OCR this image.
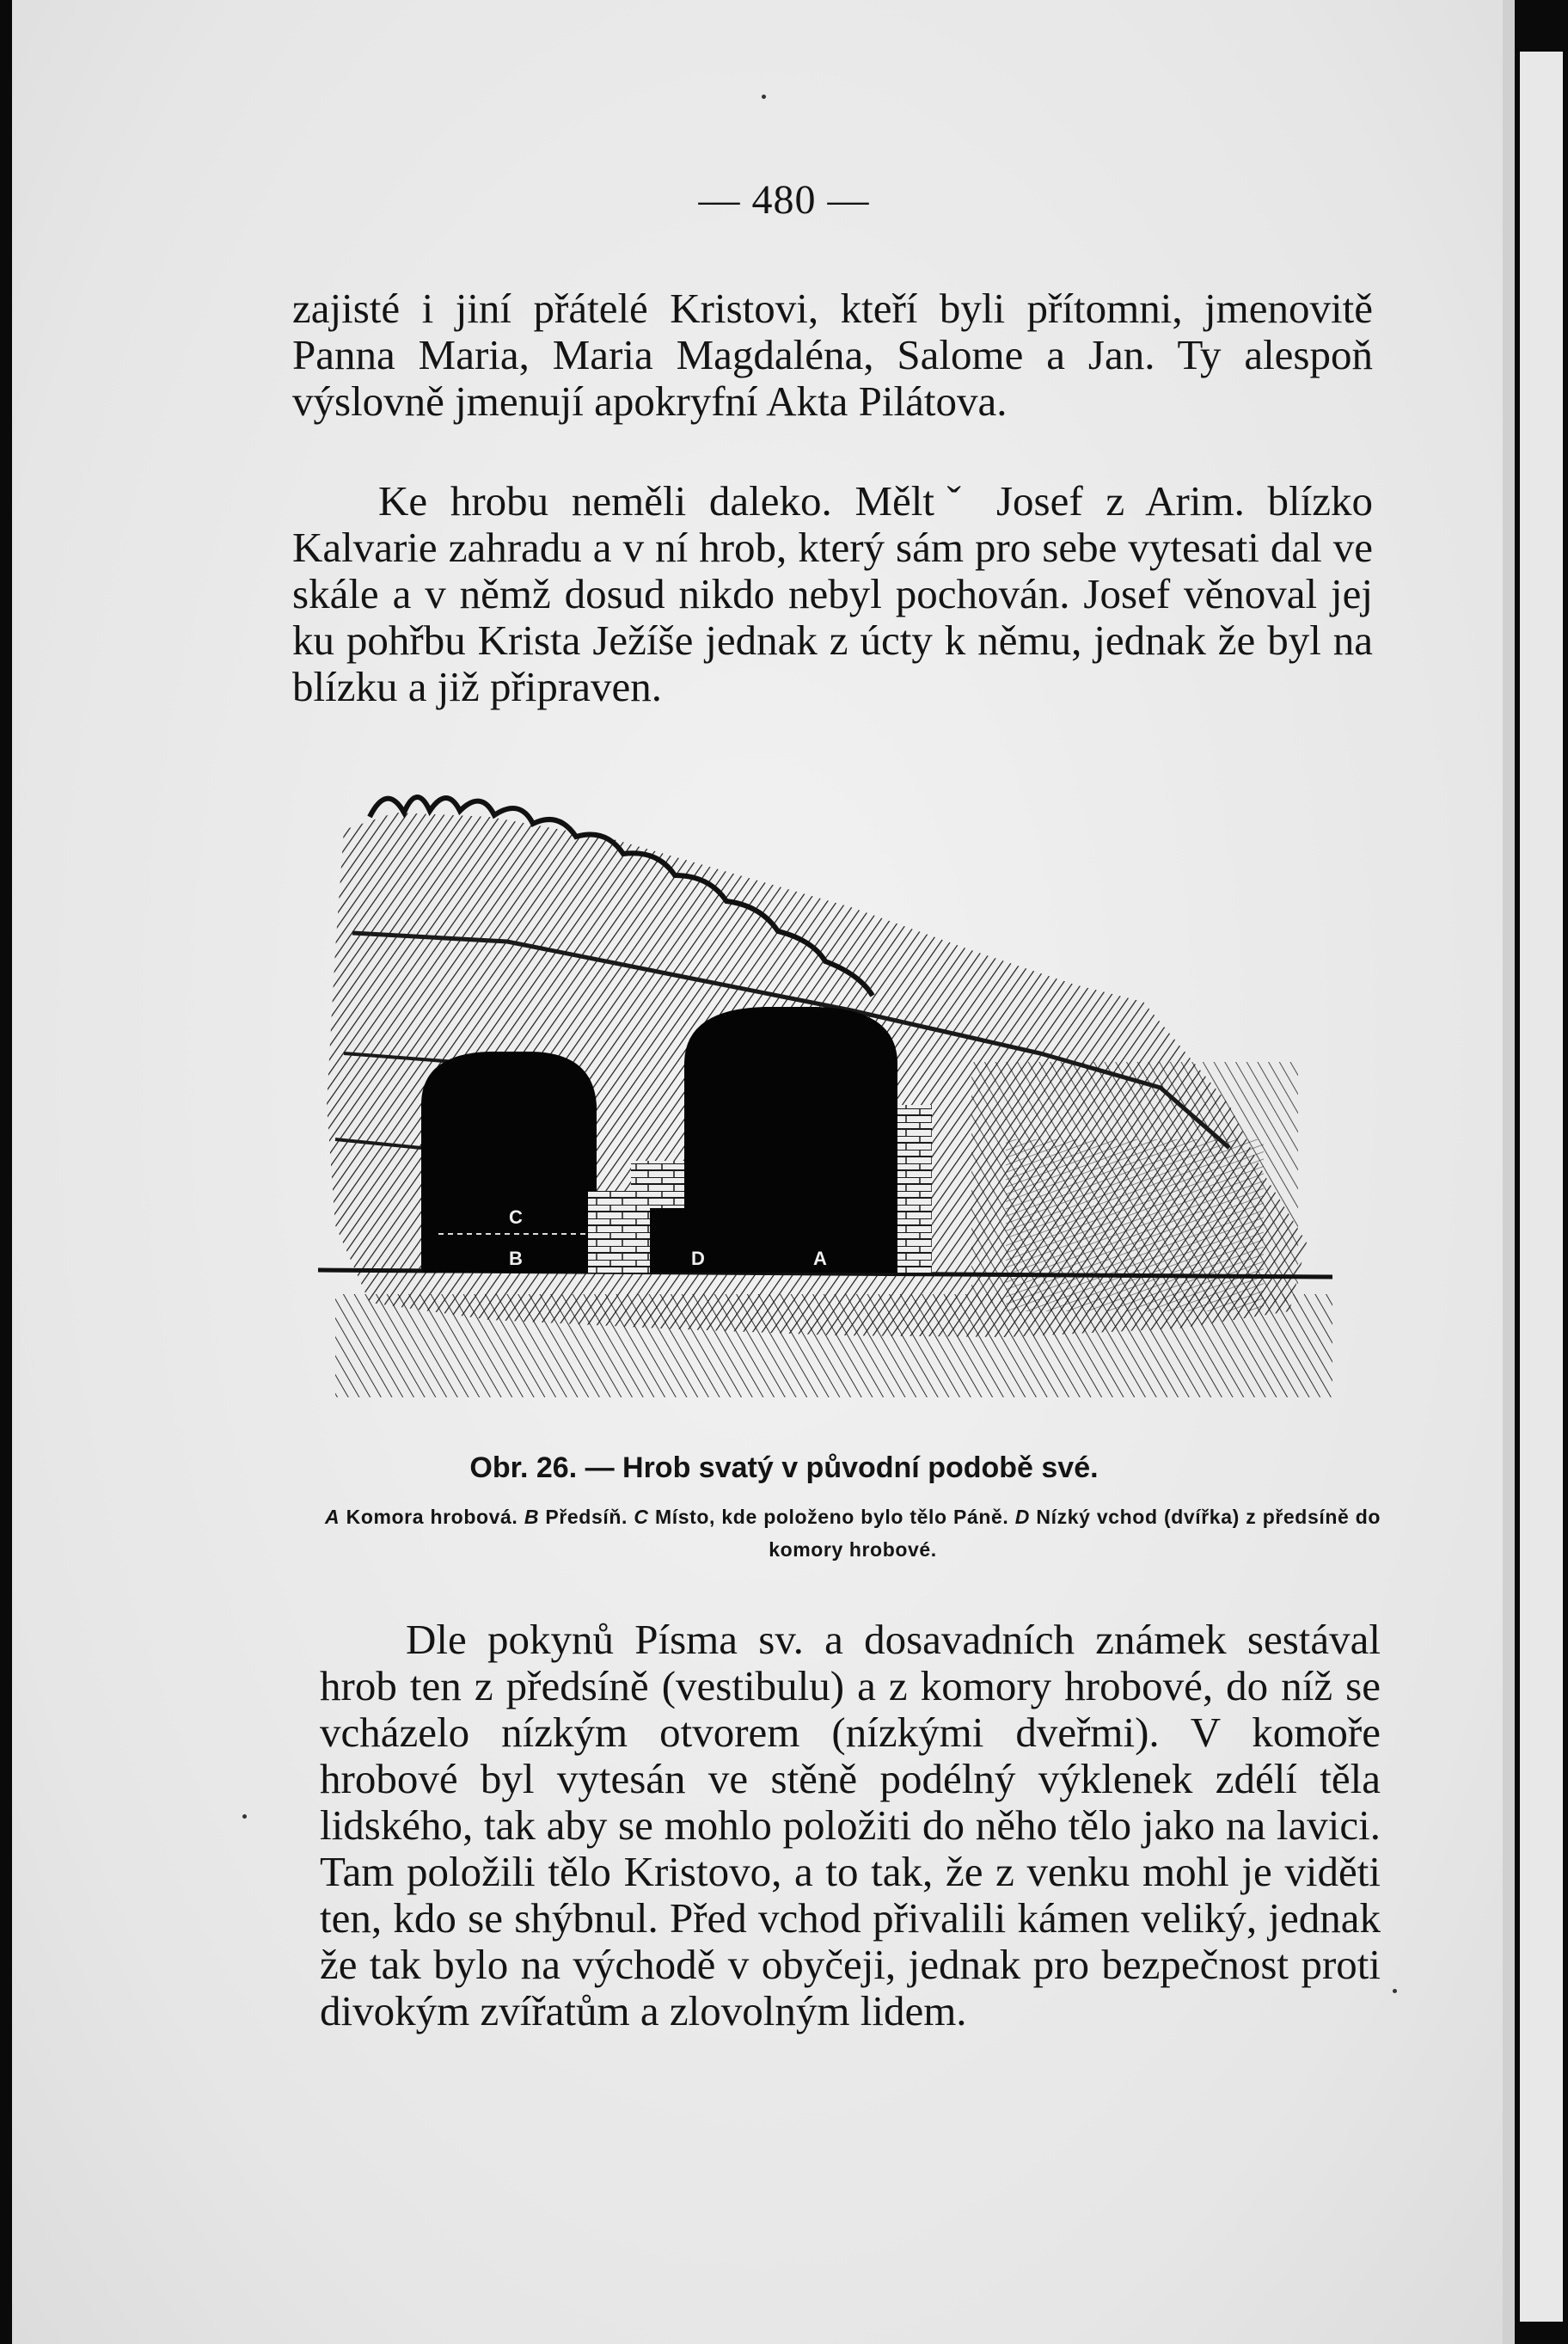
— 480 —

zajisté i jiní přátelé Kristovi, kteří byli přítomni, jmenovitě Panna Maria, Maria Magdaléna, Salome a Jan. Ty alespoň výslovně jmenují apokryfní Akta Pilátova.

Ke hrobu neměli daleko. Měltˇ Josef z Arim. blízko Kalvarie zahradu a v ní hrob, který sám pro sebe vytesati dal ve skále a v němž dosud nikdo nebyl pochován. Josef věnoval jej ku pohřbu Krista Ježíše jednak z úcty k němu, jednak že byl na blízku a již připraven.

C
B	D	A
Obr. 26. — Hrob svatý v původní podobě své.
A Komora hrobová. B Předsíň. C Místo, kde položeno bylo tělo Páně. D Nízký vchod (dvířka) z předsíně do komory hrobové.

Dle pokynů Písma sv. a dosavadních známek sestával hrob ten z předsíně (vestibulu) a z komory hrobové, do níž se vcházelo nízkým otvorem (nízkými dveřmi). V komoře hrobové byl vytesán ve stěně podélný výklenek zdélí těla lidského, tak aby se mohlo položiti do něho tělo jako na lavici. Tam položili tělo Kristovo, a to tak, že z venku mohl je viděti ten, kdo se shýbnul. Před vchod přivalili kámen veliký, jednak že tak bylo na východě v obyčeji, jednak pro bezpečnost proti divokým zvířatům a zlovolným lidem.
